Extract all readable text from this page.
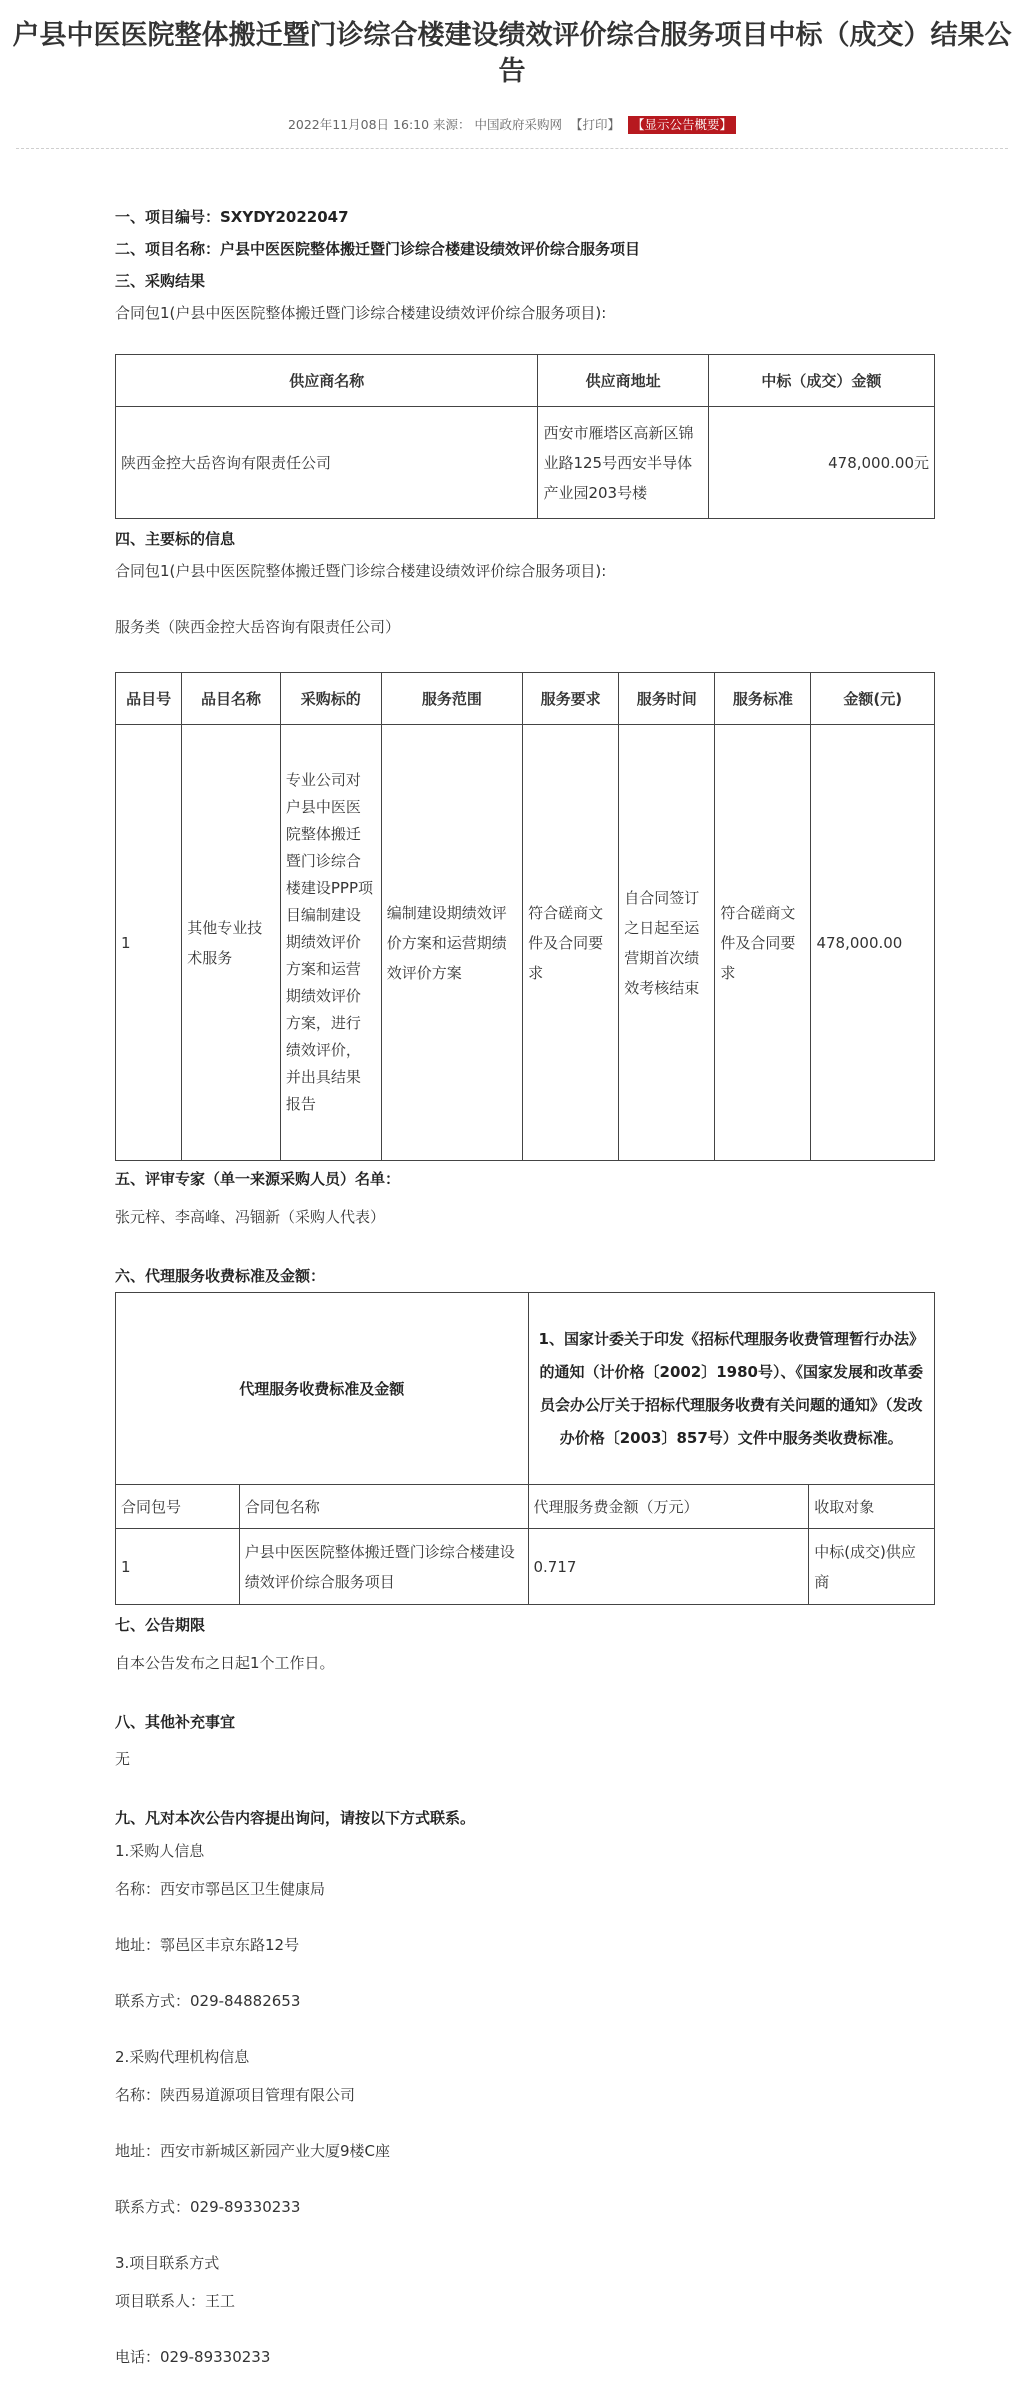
户县中医医院整体搬迁暨门诊综合楼建设绩效评价综合服务项目中标（成交）结果公告
2022年11月08日 16:10 来源： 中国政府采购网 【打印】 【显示公告概要】
一、项目编号：SXYDY2022047
二、项目名称：户县中医医院整体搬迁暨门诊综合楼建设绩效评价综合服务项目
三、采购结果
合同包1(户县中医医院整体搬迁暨门诊综合楼建设绩效评价综合服务项目):
供应商名称	供应商地址	中标（成交）金额
陕西金控大岳咨询有限责任公司	西安市雁塔区高新区锦业路125号西安半导体产业园203号楼	478,000.00元
四、主要标的信息
合同包1(户县中医医院整体搬迁暨门诊综合楼建设绩效评价综合服务项目):
服务类（陕西金控大岳咨询有限责任公司）
品目号	品目名称	采购标的	服务范围	服务要求	服务时间	服务标准	金额(元)
1	其他专业技术服务	专业公司对户县中医医院整体搬迁暨门诊综合楼建设PPP项目编制建设期绩效评价方案和运营期绩效评价方案，进行绩效评价，并出具结果报告	编制建设期绩效评价方案和运营期绩效评价方案	符合磋商文件及合同要求	自合同签订之日起至运营期首次绩效考核结束	符合磋商文件及合同要求	478,000.00
五、评审专家（单一来源采购人员）名单：
张元梓、李高峰、冯锢新（采购人代表）
六、代理服务收费标准及金额：
代理服务收费标准及金额		1、国家计委关于印发《招标代理服务收费管理暂行办法》的通知（计价格〔2002〕1980号）、《国家发展和改革委员会办公厅关于招标代理服务收费有关问题的通知》（发改办价格〔2003〕857号）文件中服务类收费标准。	
合同包号	合同包名称	代理服务费金额（万元）	收取对象
1	户县中医医院整体搬迁暨门诊综合楼建设绩效评价综合服务项目	0.717	中标(成交)供应商
七、公告期限
自本公告发布之日起1个工作日。
八、其他补充事宜
无
九、凡对本次公告内容提出询问，请按以下方式联系。
1.采购人信息
名称：西安市鄠邑区卫生健康局
地址：鄠邑区丰京东路12号
联系方式：029-84882653
2.采购代理机构信息
名称：陕西易道源项目管理有限公司
地址：西安市新城区新园产业大厦9楼C座
联系方式：029-89330233
3.项目联系方式
项目联系人：王工
电话：029-89330233
